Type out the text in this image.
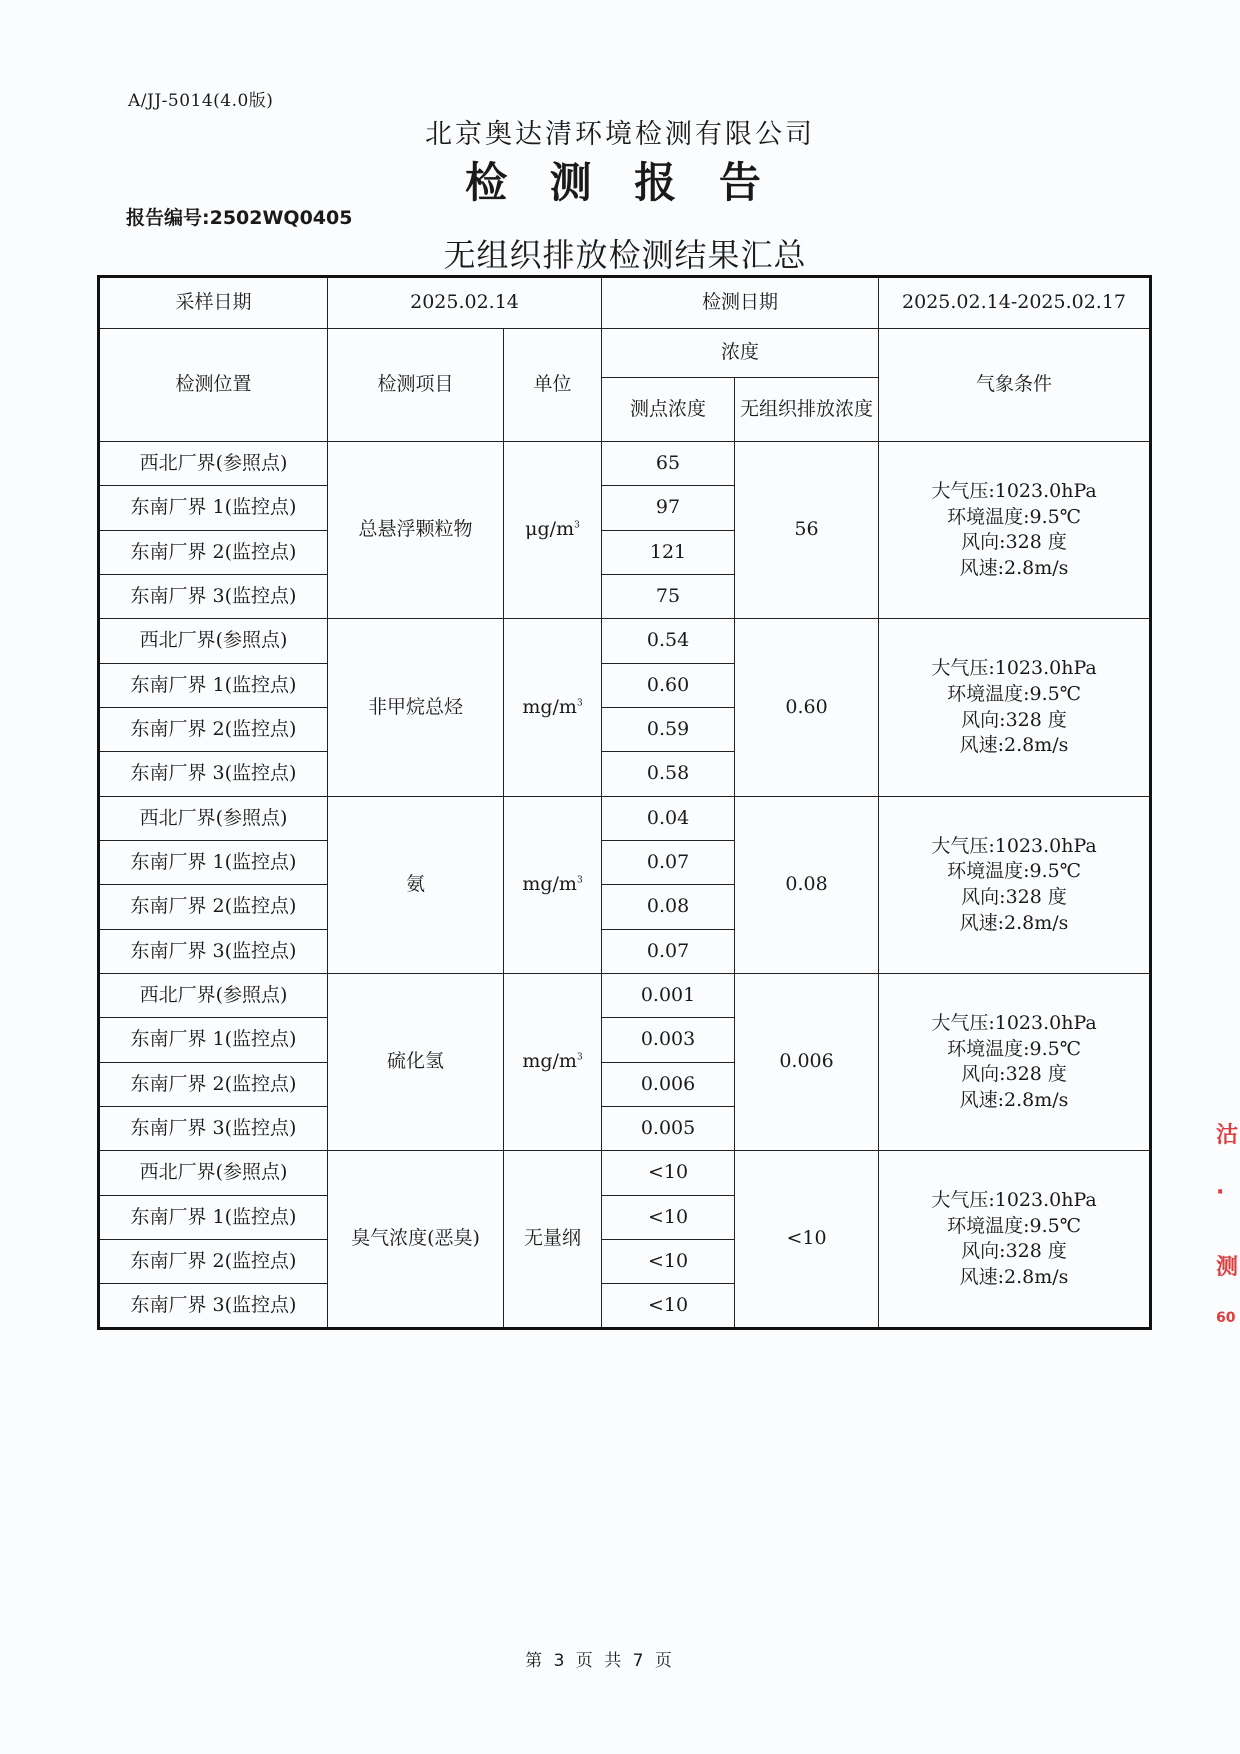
A/JJ-5014(4.0版)
北京奥达清环境检测有限公司
检 测 报 告
报告编号:2502WQ0405
无组织排放检测结果汇总
采样日期	2025.02.14		检测日期		2025.02.14-2025.02.17
检测位置	检测项目	单位	浓度		气象条件
			测点浓度	无组织排放浓度	
西北厂界(参照点)	总悬浮颗粒物	$\mu g/m^3$	65	56	大气压:1023.0hPa
环境温度:9.5℃
风向:328 度
风速:2.8m/s

东南厂界 1(监控点)			97		
东南厂界 2(监控点)			121		
东南厂界 3(监控点)			75		
西北厂界(参照点)	非甲烷总烃	$mg/m^3$	0.54	0.60	大气压:1023.0hPa
环境温度:9.5℃
风向:328 度
风速:2.8m/s

东南厂界 1(监控点)			0.60		
东南厂界 2(监控点)			0.59		
东南厂界 3(监控点)			0.58		
西北厂界(参照点)	氨	$mg/m^3$	0.04	0.08	大气压:1023.0hPa
环境温度:9.5℃
风向:328 度
风速:2.8m/s

东南厂界 1(监控点)			0.07		
东南厂界 2(监控点)			0.08		
东南厂界 3(监控点)			0.07		
西北厂界(参照点)	硫化氢	$mg/m^3$	0.001	0.006	大气压:1023.0hPa
环境温度:9.5℃
风向:328 度
风速:2.8m/s

东南厂界 1(监控点)			0.003		
东南厂界 2(监控点)			0.006		
东南厂界 3(监控点)			0.005		
西北厂界(参照点)	臭气浓度(恶臭)	无量纲	<10	<10	大气压:1023.0hPa
环境温度:9.5℃
风向:328 度
风速:2.8m/s

东南厂界 1(监控点)			<10		
东南厂界 2(监控点)			<10		
东南厂界 3(监控点)			<10		
第 3 页 共 7 页
沽
·
测
60
